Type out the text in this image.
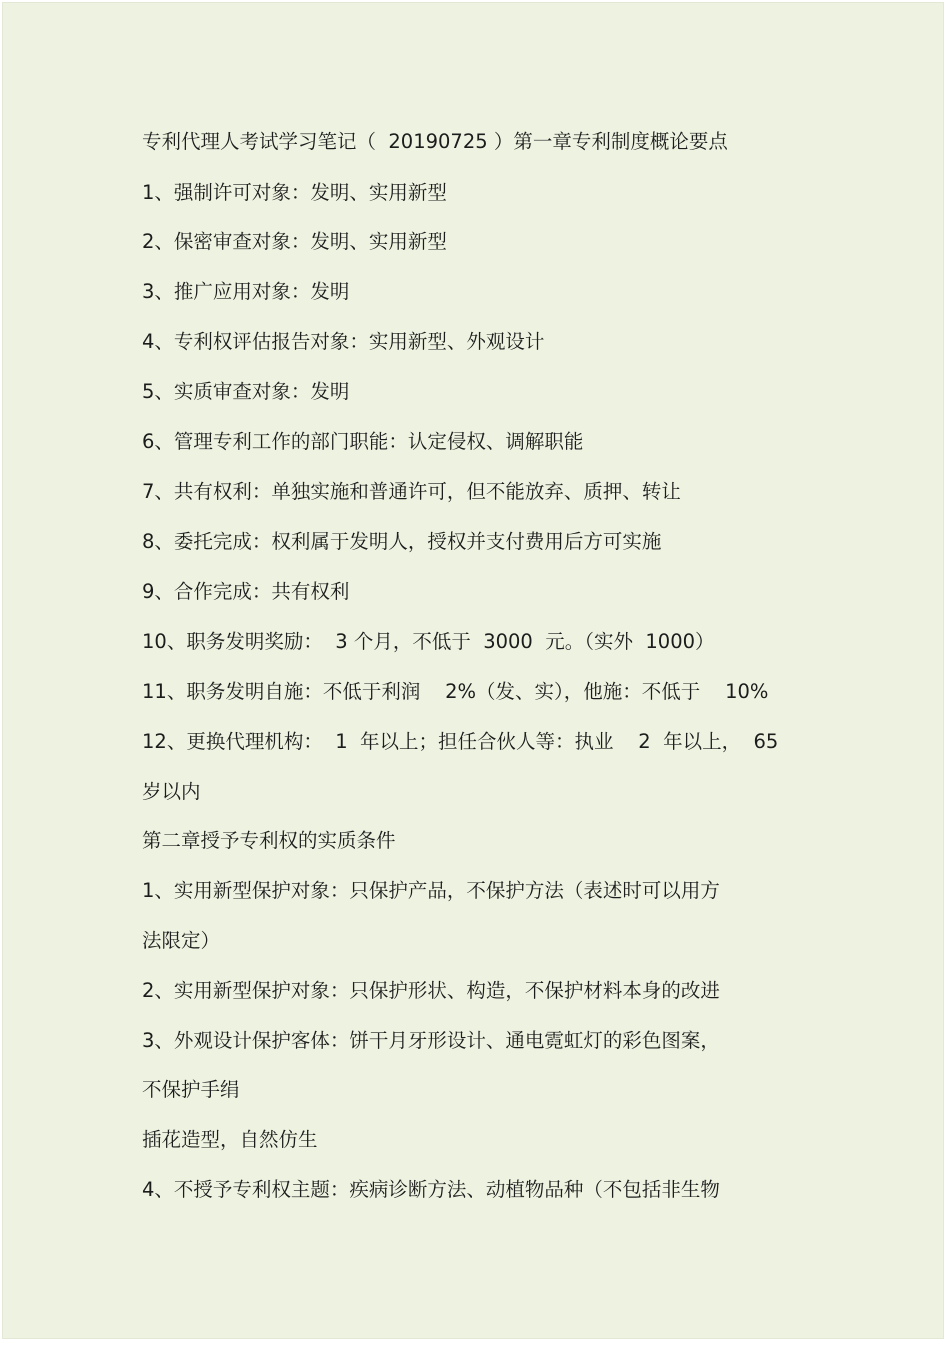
专利代理人考试学习笔记（  20190725 ）第一章专利制度概论要点
1、强制许可对象：发明、实用新型
2、保密审查对象：发明、实用新型
3、推广应用对象：发明
4、专利权评估报告对象：实用新型、外观设计
5、实质审查对象：发明
6、管理专利工作的部门职能：认定侵权、调解职能
7、共有权利：单独实施和普通许可，但不能放弃、质押、转让
8、委托完成：权利属于发明人，授权并支付费用后方可实施
9、合作完成：共有权利
10、职务发明奖励：  3 个月，不低于  3000  元。（实外  1000）
11、职务发明自施：不低于利润    2%（发、实），他施：不低于    10%
12、更换代理机构：  1  年以上；担任合伙人等：执业    2  年以上，  65
岁以内
第二章授予专利权的实质条件
1、实用新型保护对象：只保护产品，不保护方法（表述时可以用方
法限定）
2、实用新型保护对象：只保护形状、构造，不保护材料本身的改进
3、外观设计保护客体：饼干月牙形设计、通电霓虹灯的彩色图案，
不保护手绢
插花造型，自然仿生
4、不授予专利权主题：疾病诊断方法、动植物品种（不包括非生物
